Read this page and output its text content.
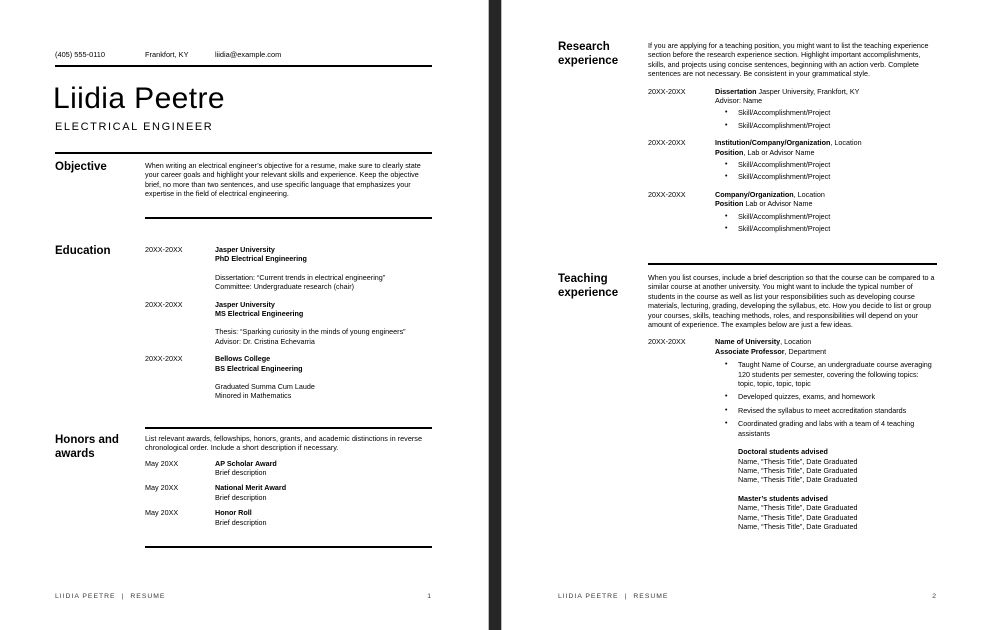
(405) 555-0110	Frankfort, KY	liidia@example.com
Liidia Peetre
ELECTRICAL ENGINEER
Objective	When writing an electrical engineer’s objective for a resume, make sure to clearly state your career goals and highlight your relevant skills and experience. Keep the objective brief, no more than two sentences, and use specific language that emphasizes your expertise in the field of electrical engineering.
Education	20XX-20XX	Jasper University
PhD Electrical Engineering
Dissertation: “Current trends in electrical engineering”
Committee: Undergraduate research (chair)
20XX-20XX	Jasper University
MS Electrical Engineering
Thesis: “Sparking curiosity in the minds of young engineers”
Advisor: Dr. Cristina Echevarria
20XX-20XX	Bellows College
BS Electrical Engineering
Graduated Summa Cum Laude
Minored in Mathematics
Honors and awards
List relevant awards, fellowships, honors, grants, and academic distinctions in reverse chronological order. Include a short description if necessary.
May 20XX	AP Scholar Award
Brief description
May 20XX	National Merit Award
Brief description
May 20XX	Honor Roll
Brief description
LIIDIA PEETRE | RESUME	1
Research experience
If you are applying for a teaching position, you might want to list the teaching experience section before the research experience section. Highlight important accomplishments, skills, and projects using concise sentences, beginning with an action verb. Complete sentences are not necessary. Be consistent in your grammatical style.
20XX-20XX	Dissertation Jasper University, Frankfort, KY
Advisor: Name
•	Skill/Accomplishment/Project
•	Skill/Accomplishment/Project
20XX-20XX	Institution/Company/Organization, Location
Position, Lab or Advisor Name
•	Skill/Accomplishment/Project
•	Skill/Accomplishment/Project
20XX-20XX	Company/Organization, Location
Position Lab or Advisor Name
•	Skill/Accomplishment/Project
•	Skill/Accomplishment/Project
Teaching experience
When you list courses, include a brief description so that the course can be compared to a similar course at another university. You might want to include the typical number of students in the course as well as list your responsibilities such as developing course materials, lecturing, grading, developing the syllabus, etc. How you decide to list or group your courses, skills, teaching methods, roles, and responsibilities will depend on your amount of experience. The examples below are just a few ideas.
20XX-20XX	Name of University, Location
Associate Professor, Department
•	Taught Name of Course, an undergraduate course averaging 120 students per semester, covering the following topics: topic, topic, topic, topic
•	Developed quizzes, exams, and homework
•	Revised the syllabus to meet accreditation standards
•	Coordinated grading and labs with a team of 4 teaching assistants
Doctoral students advised
Name, “Thesis Title”, Date Graduated
Name, “Thesis Title”, Date Graduated
Name, “Thesis Title”, Date Graduated
Master’s students advised
Name, “Thesis Title”, Date Graduated
Name, “Thesis Title”, Date Graduated
Name, “Thesis Title”, Date Graduated
LIIDIA PEETRE | RESUME	2
